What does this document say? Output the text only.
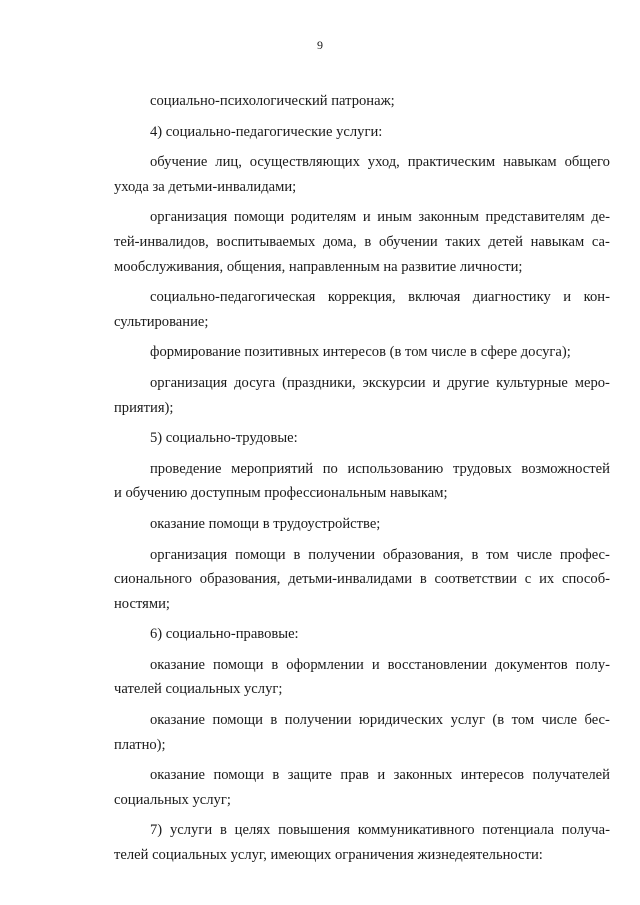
9
социально-психологический патронаж;
4) социально-педагогические услуги:
обучение лиц, осуществляющих уход, практическим навыкам общего
ухода за детьми-инвалидами;
организация помощи родителям и иным законным представителям де-
тей-инвалидов, воспитываемых дома, в обучении таких детей навыкам са-
мообслуживания, общения, направленным на развитие личности;
социально-педагогическая коррекция, включая диагностику и кон-
сультирование;
формирование позитивных интересов (в том числе в сфере досуга);
организация досуга (праздники, экскурсии и другие культурные меро-
приятия);
5) социально-трудовые:
проведение мероприятий по использованию трудовых возможностей
и обучению доступным профессиональным навыкам;
оказание помощи в трудоустройстве;
организация помощи в получении образования, в том числе профес-
сионального образования, детьми-инвалидами в соответствии с их способ-
ностями;
6) социально-правовые:
оказание помощи в оформлении и восстановлении документов полу-
чателей социальных услуг;
оказание помощи в получении юридических услуг (в том числе бес-
платно);
оказание помощи в защите прав и законных интересов получателей
социальных услуг;
7) услуги в целях повышения коммуникативного потенциала получа-
телей социальных услуг, имеющих ограничения жизнедеятельности:
